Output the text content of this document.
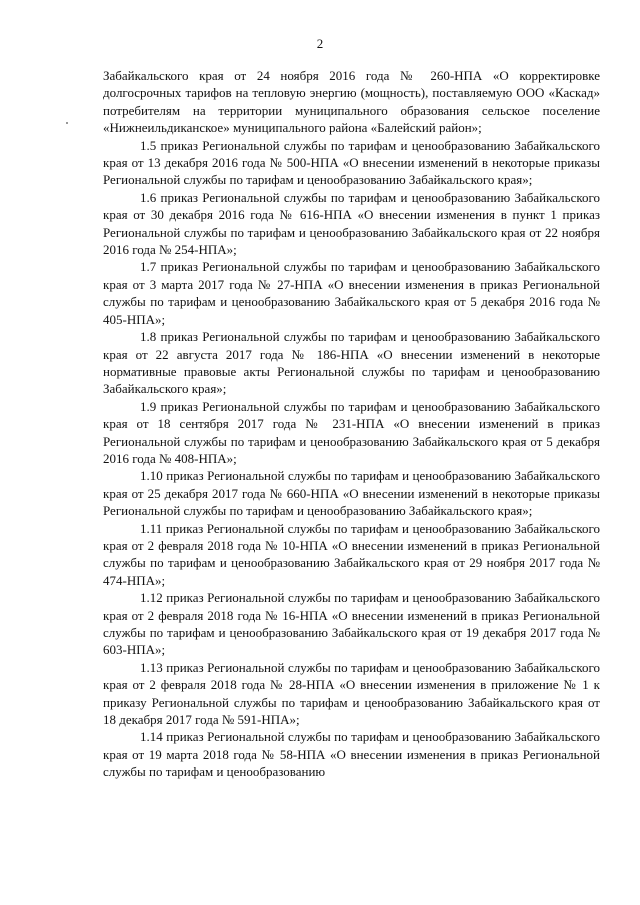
2

Забайкальского края от 24 ноября 2016 года № 260-НПА «О корректировке долгосрочных тарифов на тепловую энергию (мощность), поставляемую ООО «Каскад» потребителям на территории муниципального образования сельское поселение «Нижнеильдиканское» муниципального района «Балейский район»;

1.5 приказ Региональной службы по тарифам и ценообразованию Забайкальского края от 13 декабря 2016 года № 500-НПА «О внесении изменений в некоторые приказы Региональной службы по тарифам и ценообразованию Забайкальского края»;

1.6 приказ Региональной службы по тарифам и ценообразованию Забайкальского края от 30 декабря 2016 года № 616-НПА «О внесении изменения в пункт 1 приказ Региональной службы по тарифам и ценообразованию Забайкальского края от 22 ноября 2016 года № 254-НПА»;

1.7 приказ Региональной службы по тарифам и ценообразованию Забайкальского края от 3 марта 2017 года № 27-НПА «О внесении изменения в приказ Региональной службы по тарифам и ценообразованию Забайкальского края от 5 декабря 2016 года № 405-НПА»;

1.8 приказ Региональной службы по тарифам и ценообразованию Забайкальского края от 22 августа 2017 года № 186-НПА «О внесении изменений в некоторые нормативные правовые акты Региональной службы по тарифам и ценообразованию Забайкальского края»;

1.9 приказ Региональной службы по тарифам и ценообразованию Забайкальского края от 18 сентября 2017 года № 231-НПА «О внесении изменений в приказ Региональной службы по тарифам и ценообразованию Забайкальского края от 5 декабря 2016 года № 408-НПА»;

1.10 приказ Региональной службы по тарифам и ценообразованию Забайкальского края от 25 декабря 2017 года № 660-НПА «О внесении изменений в некоторые приказы Региональной службы по тарифам и ценообразованию Забайкальского края»;

1.11 приказ Региональной службы по тарифам и ценообразованию Забайкальского края от 2 февраля 2018 года № 10-НПА «О внесении изменений в приказ Региональной службы по тарифам и ценообразованию Забайкальского края от 29 ноября 2017 года № 474-НПА»;

1.12 приказ Региональной службы по тарифам и ценообразованию Забайкальского края от 2 февраля 2018 года № 16-НПА «О внесении изменений в приказ Региональной службы по тарифам и ценообразованию Забайкальского края от 19 декабря 2017 года № 603-НПА»;

1.13 приказ Региональной службы по тарифам и ценообразованию Забайкальского края от 2 февраля 2018 года № 28-НПА «О внесении изменения в приложение № 1 к приказу Региональной службы по тарифам и ценообразованию Забайкальского края от 18 декабря 2017 года № 591-НПА»;

1.14 приказ Региональной службы по тарифам и ценообразованию Забайкальского края от 19 марта 2018 года № 58-НПА «О внесении изменения в приказ Региональной службы по тарифам и ценообразованию
